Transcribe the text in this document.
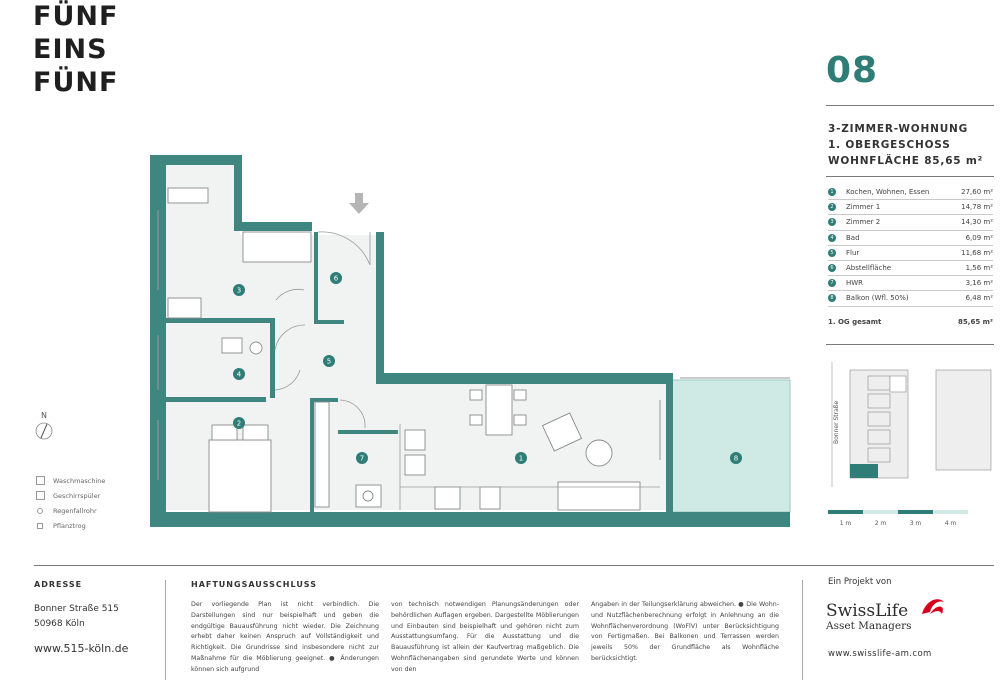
FÜNF
EINS
FÜNF	08
3-ZIMMER-WOHNUNG
1. OBERGESCHOSS
WOHNFLÄCHE 85,65 m²
1	Kochen, Wohnen, Essen	27,60 m²
2	Zimmer 1	14,78 m²
3	Zimmer 2	14,30 m²
4	Bad	6,09 m²
5	Flur	11,68 m²
6	Abstellfläche	1,56 m²
7	HWR	3,16 m²
8	Balkon (Wfl. 50%)	6,48 m²
1. OG gesamt	85,65 m²
Bonner Straße
1 m	2 m	3 m	4 m
3
6
4
5
2
7	1	8
N
Waschmaschine
Geschirrspüler
Regenfallrohr
Pflanztrog
ADRESSE
Bonner Straße 515
50968 Köln
www.515-köln.de
HAFTUNGSAUSSCHLUSS
Der vorliegende Plan ist nicht verbindlich. Die Darstellungen sind nur beispielhaft und geben die endgültige Bauausführung nicht wieder. Die Zeichnung erhebt daher keinen Anspruch auf Vollständigkeit und Richtigkeit. Die Grundrisse sind insbesondere nicht zur Maßnahme für die Möblierung geeignet. ● Änderungen können sich aufgrund
von technisch notwendigen Planungsänderungen oder behördlichen Auflagen ergeben. Dargestellte Möblierungen und Einbauten sind beispielhaft und gehören nicht zum Ausstattungsumfang. Für die Ausstattung und die Bauausführung ist allein der Kaufvertrag maßgeblich. Die Wohnflächenangaben sind gerundete Werte und können von den
Angaben in der Teilungserklärung abweichen. ● Die Wohn- und Nutzflächenberechnung erfolgt in Anlehnung an die Wohnflächenverordnung (WoFlV) unter Berücksichtigung von Fertigmaßen. Bei Balkonen und Terrassen werden jeweils 50% der Grundfläche als Wohnfläche berücksichtigt.
Ein Projekt von
SwissLife
Asset Managers
www.swisslife-am.com
